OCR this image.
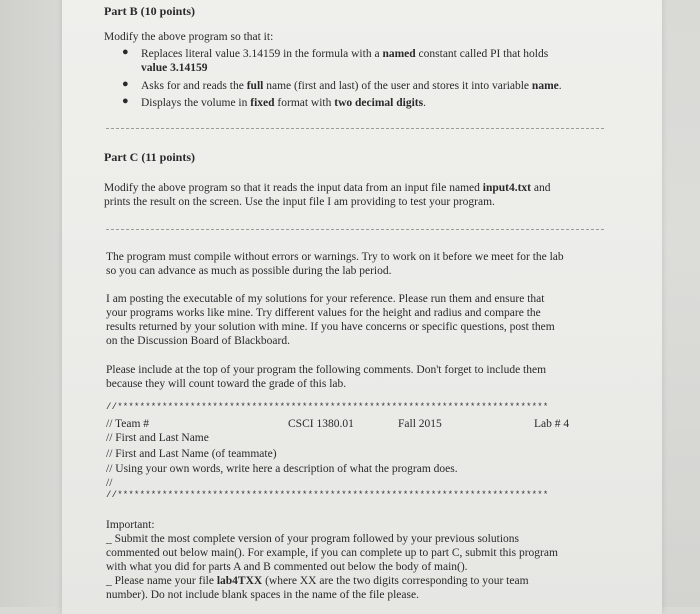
Part B (10 points)
Modify the above program so that it:
● Replaces literal value 3.14159 in the formula with a named constant called PI that holds
value 3.14159
● Asks for and reads the full name (first and last) of the user and stores it into variable name.
● Displays the volume in fixed format with two decimal digits.
Part C (11 points)
Modify the above program so that it reads the input data from an input file named input4.txt and
prints the result on the screen. Use the input file I am providing to test your program.
The program must compile without errors or warnings. Try to work on it before we meet for the lab
so you can advance as much as possible during the lab period.
I am posting the executable of my solutions for your reference. Please run them and ensure that
your programs works like mine. Try different values for the height and radius and compare the
results returned by your solution with mine. If you have concerns or specific questions, post them
on the Discussion Board of Blackboard.
Please include at the top of your program the following comments. Don't forget to include them
because they will count toward the grade of this lab.
//*****************************************************************************
// Team #	CSCI 1380.01	Fall 2015	Lab # 4
// First and Last Name
// First and Last Name (of teammate)
// Using your own words, write here a description of what the program does.
//
//*****************************************************************************
Important:
_ Submit the most complete version of your program followed by your previous solutions
commented out below main(). For example, if you can complete up to part C, submit this program
with what you did for parts A and B commented out below the body of main().
_ Please name your file lab4TXX (where XX are the two digits corresponding to your team
number). Do not include blank spaces in the name of the file please.
